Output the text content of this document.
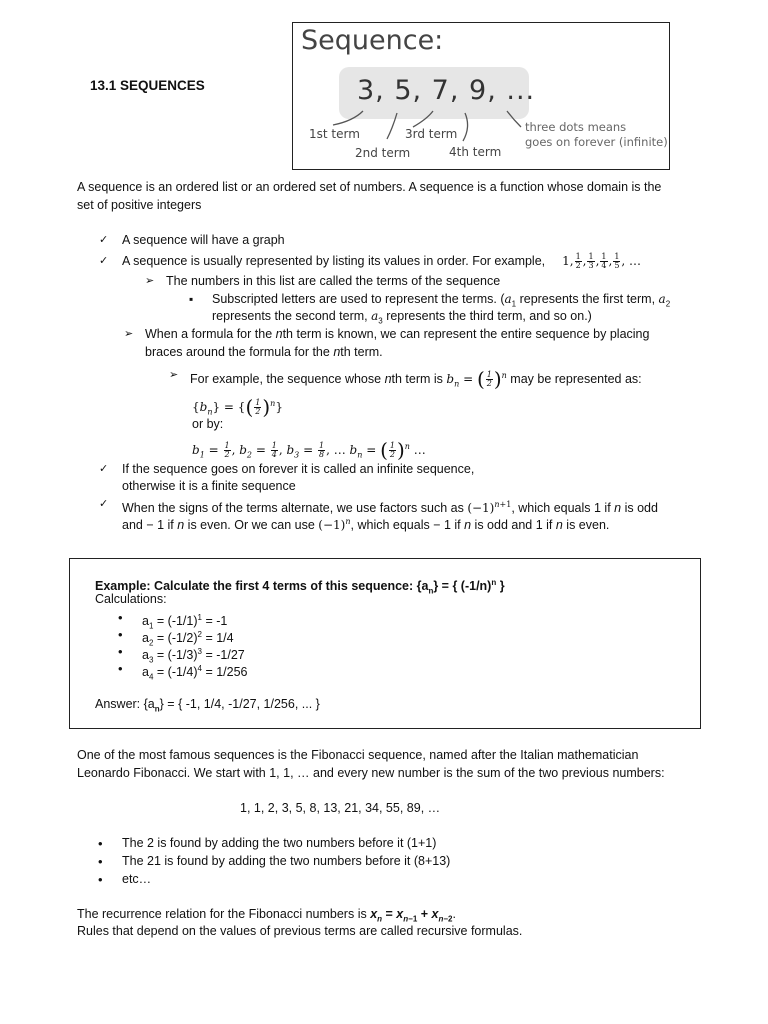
13.1 SEQUENCES
Sequence:
3, 5, 7, 9, ...
1st term
2nd term
3rd term
4th term
three dots means
goes on forever (infinite)
A sequence is an ordered list or an ordered set of numbers. A sequence is a function whose domain is the
set of positive integers
✓ A sequence will have a graph
✓ A sequence is usually represented by listing its values in order. For example, 1, $\frac{1}{2}$ , $\frac{1}{3}$ , $\frac{1}{4}$ , $\frac{1}{5}$ , …
➢ The numbers in this list are called the terms of the sequence
▪ Subscripted letters are used to represent the terms. ($a_1$ represents the first term, $a_2$
represents the second term, $a_3$ represents the third term, and so on.)
➢ When a formula for the nth term is known, we can represent the entire sequence by placing
braces around the formula for the nth term.
➢ For example, the sequence whose nth term is $b_n$ = ( $\frac{1}{2} )^n$ may be represented as:
$\{b_n\}$ = {( $\frac{1}{2} )^n$}
or by:
$b_1 = \frac{1}{2}$ , $b_2 = \frac{1}{4}$ , $b_3 = \frac{1}{8}$ , … $b_n$ = ( $\frac{1}{2} )^n$ …
✓ If the sequence goes on forever it is called an infinite sequence,
otherwise it is a finite sequence
✓ When the signs of the terms alternate, we use factors such as $(-1)^{n+1}$, which equals 1 if n is odd
and − 1 if n is even. Or we can use $(-1)^n$, which equals − 1 if n is odd and 1 if n is even.
Example: Calculate the first 4 terms of this sequence: $\{a_n\}$ = { $(-1/n)^n$ }
Calculations:
• $a_1 = (-1/1)^1 = -1$
• $a_2 = (-1/2)^2 = 1/4$
• $a_3 = (-1/3)^3 = -1/27$
• $a_4 = (-1/4)^4 = 1/256$
Answer: $\{a_n\}$ = { -1, 1/4, -1/27, 1/256, ... }
One of the most famous sequences is the Fibonacci sequence, named after the Italian mathematician
Leonardo Fibonacci. We start with 1, 1, … and every new number is the sum of the two previous numbers:
1, 1, 2, 3, 5, 8, 13, 21, 34, 55, 89, …
• The 2 is found by adding the two numbers before it (1+1)
• The 21 is found by adding the two numbers before it (8+13)
• etc…
The recurrence relation for the Fibonacci numbers is $x_n = x_{n-1} + x_{n-2}$.
Rules that depend on the values of previous terms are called recursive formulas.
